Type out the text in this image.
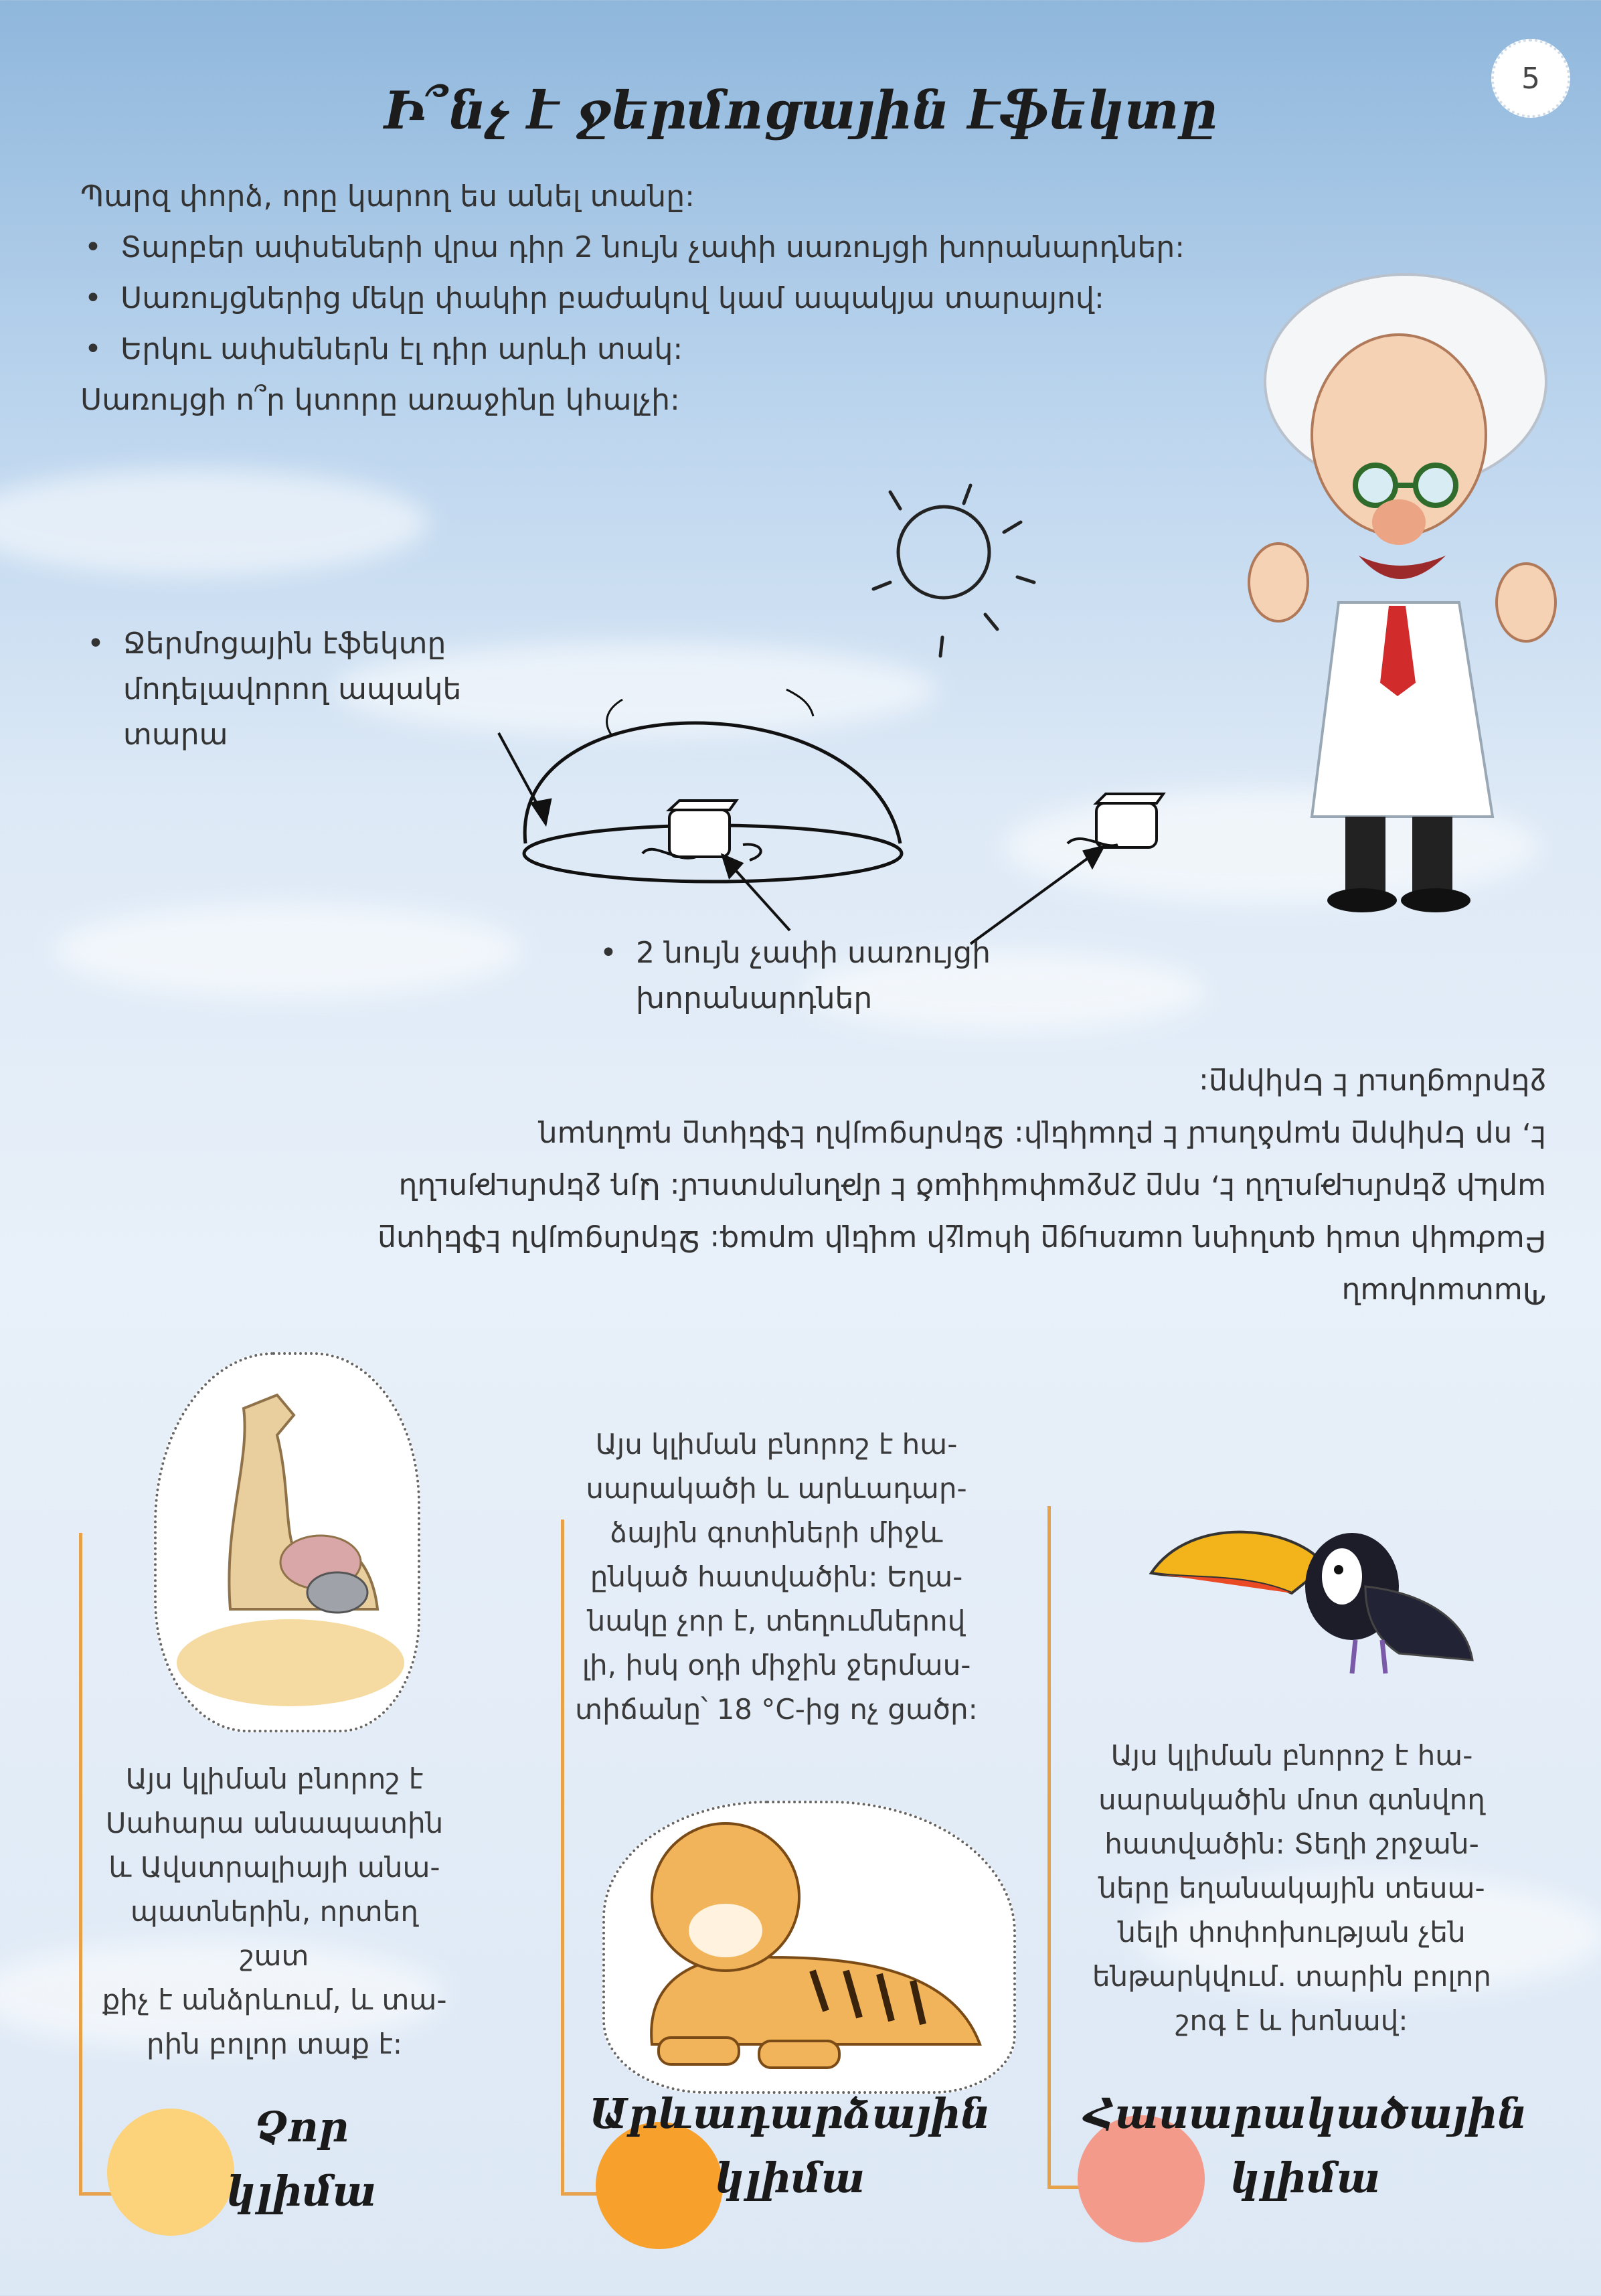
5
Ի՞նչ է ջերմոցային էֆեկտը
Պարզ փորձ, որը կարող ես անել տանը:
• Տարբեր ափսեների վրա դիր 2 նույն չափի սառույցի խորանարդներ:
• Սառույցներից մեկը փակիր բաժակով կամ ապակյա տարայով:
• Երկու ափսեներն էլ դիր արևի տակ:
Սառույցի ո՞ր կտորը առաջինը կհալչի:
• Ջերմոցային էֆեկտը
մոդելավորող ապակե
տարա
• 2 նույն չափի սառույցի
խորանարդներ
Պատասխան
Բաժակի տակ գտնվող սառույցը կհալչի ավելի արագ: Ջերմոցային էֆեկտը
արևի ջերմությունն է, որը շրջափակված է մթնոլորտում: Այդ ջերմությունն
է, որ Երկիրը դարձնում է բնակելի: Ջերմոցային էֆեկտը դանդաղ
ջերմացնում է Երկիրը:
Այս կլիման բնորոշ է
Սահարա անապատին
և Ավստրալիայի անա-
պատներին, որտեղ շատ
քիչ է անձրևում, և տա-
րին բոլոր տաք է:
Չոր
կլիմա
Այս կլիման բնորոշ է հա-
սարակածի և արևադար-
ձային գոտիների միջև
ընկած հատվածին: Եղա-
նակը չոր է, տեղումներով
լի, իսկ օդի միջին ջերմաս-
տիճանը՝ 18 °C-ից ոչ ցածր:
Արևադարձային
կլիմա
Այս կլիման բնորոշ է հա-
սարակածին մոտ գտնվող
հատվածին: Տեղի շրջան-
ները եղանակային տեսա-
նելի փոփոխության չեն
ենթարկվում. տարին բոլոր
շոգ է և խոնավ:
Հասարակածային
կլիմա
